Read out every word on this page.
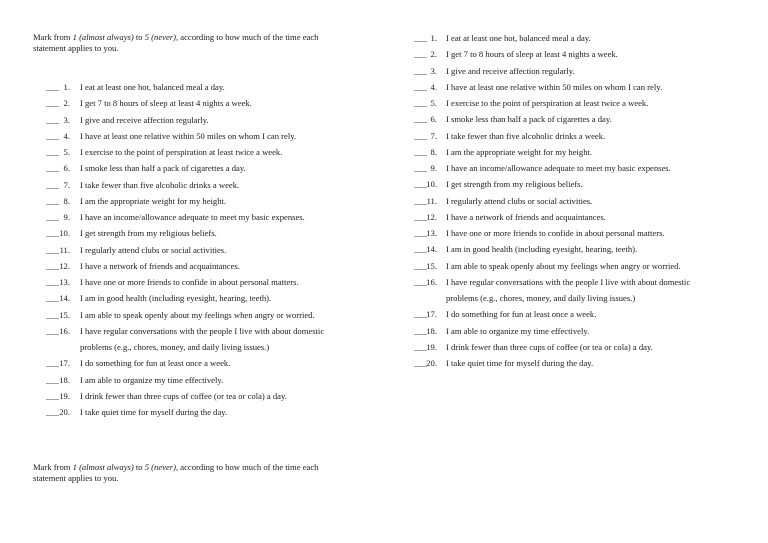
Mark from 1 (almost always) to 5 (never), according to how much of the time each statement applies to you.
Mark from 1 (almost always) to 5 (never), according to how much of the time each statement applies to you.
___ 1. I eat at least one hot, balanced meal a day.
___ 2. I get 7 to 8 hours of sleep at least 4 nights a week.
___ 3. I give and receive affection regularly.
___ 4. I have at least one relative within 50 miles on whom I can rely.
___ 5. I exercise to the point of perspiration at least twice a week.
___ 6. I smoke less than half a pack of cigarettes a day.
___ 7. I take fewer than five alcoholic drinks a week.
___ 8. I am the appropriate weight for my height.
___ 9. I have an income/allowance adequate to meet my basic expenses.
___ 10. I get strength from my religious beliefs.
___ 11. I regularly attend clubs or social activities.
___ 12. I have a network of friends and acquaintances.
___ 13. I have one or more friends to confide in about personal matters.
___ 14. I am in good health (including eyesight, hearing, teeth).
___ 15. I am able to speak openly about my feelings when angry or worried.
___ 16. I have regular conversations with the people I live with about domestic
problems (e.g., chores, money, and daily living issues.)
___ 17. I do something for fun at least once a week.
___ 18. I am able to organize my time effectively.
___ 19. I drink fewer than three cups of coffee (or tea or cola) a day.
___ 20. I take quiet time for myself during the day.
___ 1. I eat at least one hot, balanced meal a day.
___ 2. I get 7 to 8 hours of sleep at least 4 nights a week.
___ 3. I give and receive affection regularly.
___ 4. I have at least one relative within 50 miles on whom I can rely.
___ 5. I exercise to the point of perspiration at least twice a week.
___ 6. I smoke less than half a pack of cigarettes a day.
___ 7. I take fewer than five alcoholic drinks a week.
___ 8. I am the appropriate weight for my height.
___ 9. I have an income/allowance adequate to meet my basic expenses.
___ 10. I get strength from my religious beliefs.
___ 11. I regularly attend clubs or social activities.
___ 12. I have a network of friends and acquaintances.
___ 13. I have one or more friends to confide in about personal matters.
___ 14. I am in good health (including eyesight, hearing, teeth).
___ 15. I am able to speak openly about my feelings when angry or worried.
___ 16. I have regular conversations with the people I live with about domestic
problems (e.g., chores, money, and daily living issues.)
___ 17. I do something for fun at least once a week.
___ 18. I am able to organize my time effectively.
___ 19. I drink fewer than three cups of coffee (or tea or cola) a day.
___ 20. I take quiet time for myself during the day.
